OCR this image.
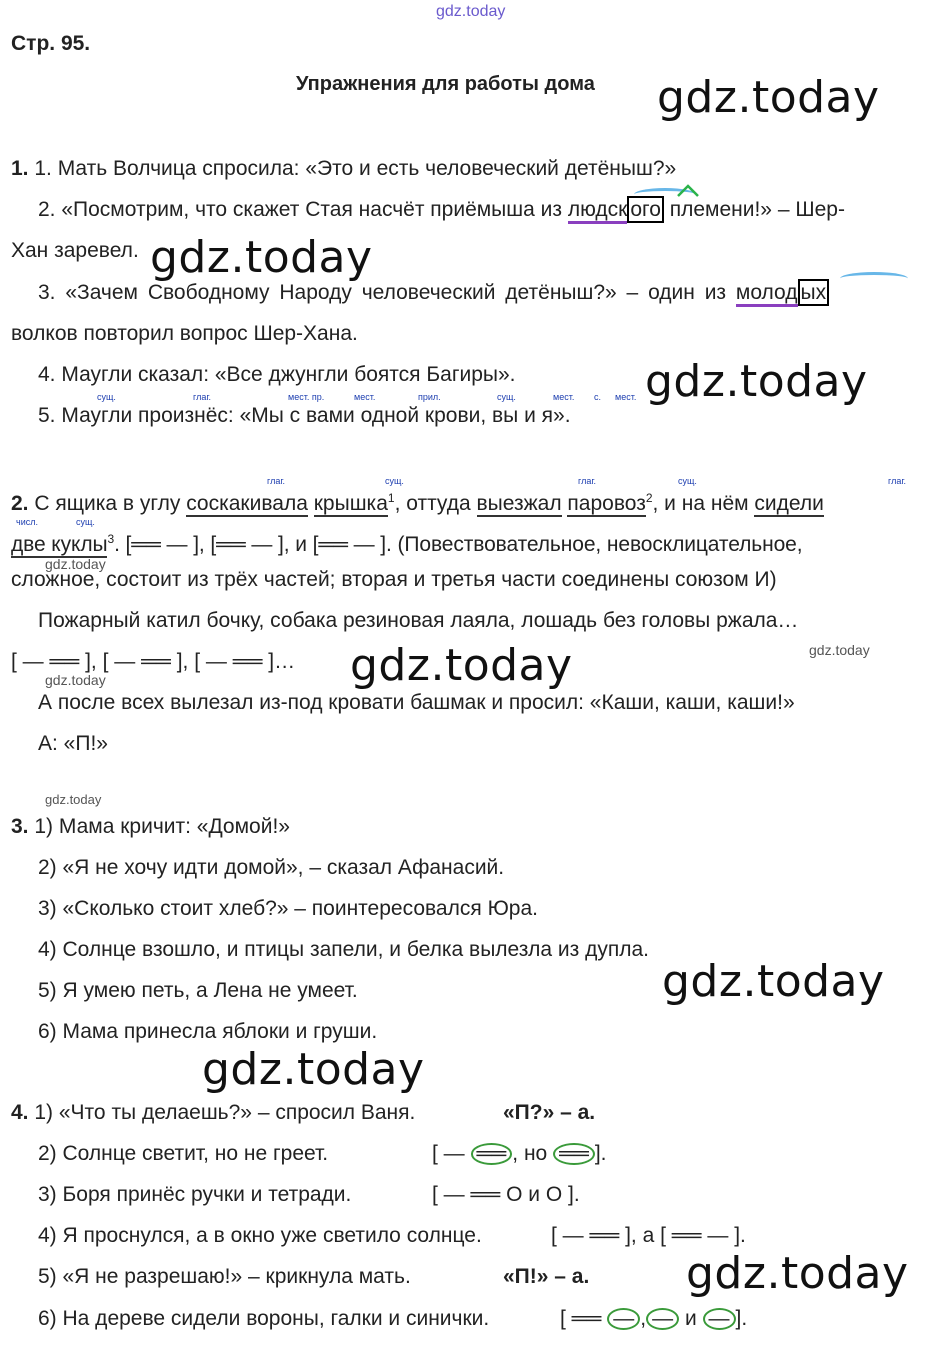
gdz.today
gdz.today
gdz.today
gdz.today
gdz.today
gdz.today
gdz.today
gdz.today
gdz.today
gdz.today
gdz.today
gdz.today
Стр. 95.
Упражнения для работы дома
1. 1. Мать Волчица спросила: «Это и есть человеческий детёныш?»
2. «Посмотрим, что скажет Стая насчёт приёмыша из людск ого племени!» – Шер-
Хан заревел.
3. «Зачем Свободному Народу человеческий детёныш?» – один из молод ых
волков повторил вопрос Шер-Хана.
4. Маугли сказал: «Все джунгли боятся Багиры».
сущ.	глаг.	мест. пр.	мест.	прил.	сущ.	мест. с. мест.
5. Маугли произнёс: «Мы с вами одной крови, вы и я».
глаг.	сущ.	глаг.	сущ.	глаг.
2. С ящика в углу соскакивала крышка$^1$, оттуда выезжал паровоз$^2$, и на нём сидели
числ.	сущ.
две куклы$^3$. [══ — ], [══ — ], и [══ — ]. (Повествовательное, невосклицательное,
сложное, состоит из трёх частей; вторая и третья части соединены союзом И)
Пожарный катил бочку, собака резиновая лаяла, лошадь без головы ржала…
[ — ══ ], [ — ══ ], [ — ══ ]…
А после всех вылезал из-под кровати башмак и просил: «Каши, каши, каши!»
А: «П!»
3. 1) Мама кричит: «Домой!»
2) «Я не хочу идти домой», – сказал Афанасий.
3) «Сколько стоит хлеб?» – поинтересовался Юра.
4) Солнце взошло, и птицы запели, и белка вылезла из дупла.
5) Я умею петь, а Лена не умеет.
6) Мама принесла яблоки и груши.
4. 1) «Что ты делаешь?» – спросил Ваня.	«П?» – а.
2) Солнце светит, но не греет.	[ — ══ , но ══ ].
3) Боря принёс ручки и тетради.	[ — ══ О и О ].
4) Я проснулся, а в окно уже светило солнце.	[ — ══ ], а [ ══ — ].
5) «Я не разрешаю!» – крикнула мать.	«П!» – а.
6) На дереве сидели вороны, галки и синички.	[ ══ — , — и — ].
